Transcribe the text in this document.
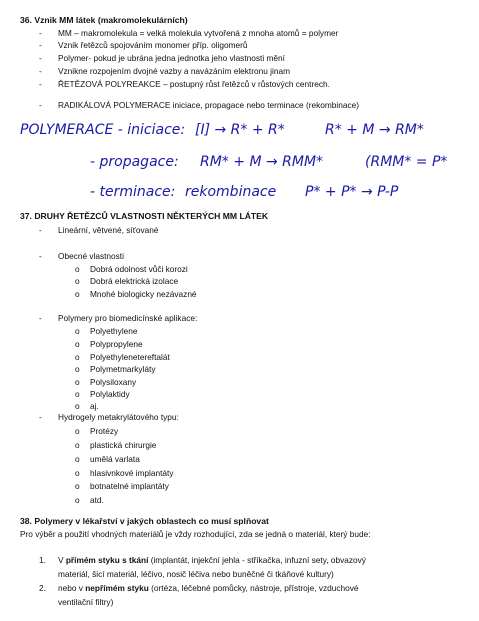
36. Vznik MM látek (makromolekulárních)
- MM – makromolekula = velká molekula vytvořená z mnoha atomů = polymer
- Vznik řetězců spojováním monomer příp. oligomerů
- Polymer- pokud je ubrána jedna jednotka jeho vlastnosti mění
- Vznikne rozpojením dvojné vazby a navázáním elektronu jinam
- ŘETĚZOVÁ POLYREAKCE – postupný růst řetězců v růstových centrech.
- RADIKÁLOVÁ POLYMERACE iniciace, propagace nebo terminace (rekombinace)
POLYMERACE - iniciace: [I] → R* + R*	R* + M → RM*
- propagace: RM* + M → RMM*	(RMM* = P*
- terminace: rekombinace P* + P* → P-P
37. DRUHY ŘETĚZCŮ VLASTNOSTI NĚKTERÝCH MM LÁTEK
- Lineární, větvené, síťované
- Obecné vlastnosti
o Dobrá odolnost vůči korozi
o Dobrá elektrická izolace
o Mnohé biologicky nezávazné
- Polymery pro biomedicínské aplikace:
o Polyethylene
o Polypropylene
o Polyethylenetereftalát
o Polymetmarkyláty
o Polysiloxany
o Polylaktidy
o aj.
- Hydrogely metakrylátového typu:
o Protézy
o plastická chirurgie
o umělá varlata
o hlasivnkové implantáty
o botnatelné implantáty
o atd.
38. Polymery v lékařství v jakých oblastech co musí splňovat
Pro výběr a použití vhodných materiálů je vždy rozhodující, zda se jedná o materiál, který bude:
1. V přímém styku s tkání (implantát, injekční jehla - stříkačka, infuzní sety, obvazový
materiál, šicí materiál, léčivo, nosič léčiva nebo buněčné či tkáňové kultury)
2. nebo v nepřímém styku (ortéza, léčebné pomůcky, nástroje, přístroje, vzduchové
ventilační filtry)
